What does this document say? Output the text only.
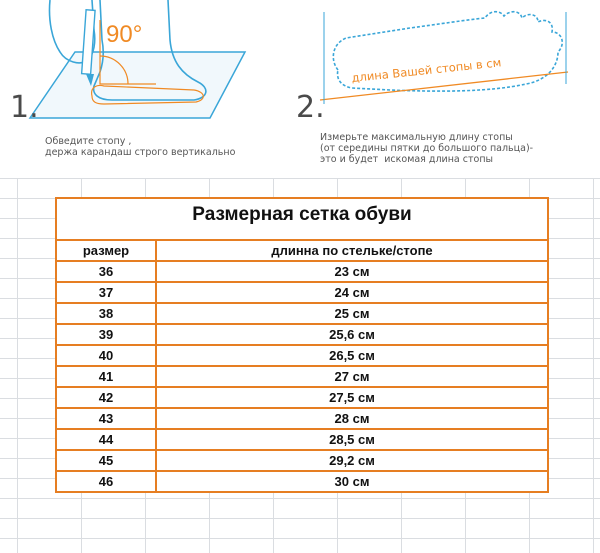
90°
1.
Обведите стопу ,
держа карандаш строго вертикально
длина Вашей стопы в см
2.
Измерьте максимальную длину стопы
(от середины пятки до большого пальца)-
это и будет  искомая длина стопы
Размерная сетка обуви	

размер	длинна по стельке/стопе
36	23 см
37	24 см
38	25 см
39	25,6 см
40	26,5 см
41	27 см
42	27,5 см
43	28 см
44	28,5 см
45	29,2 см
46	30 см
